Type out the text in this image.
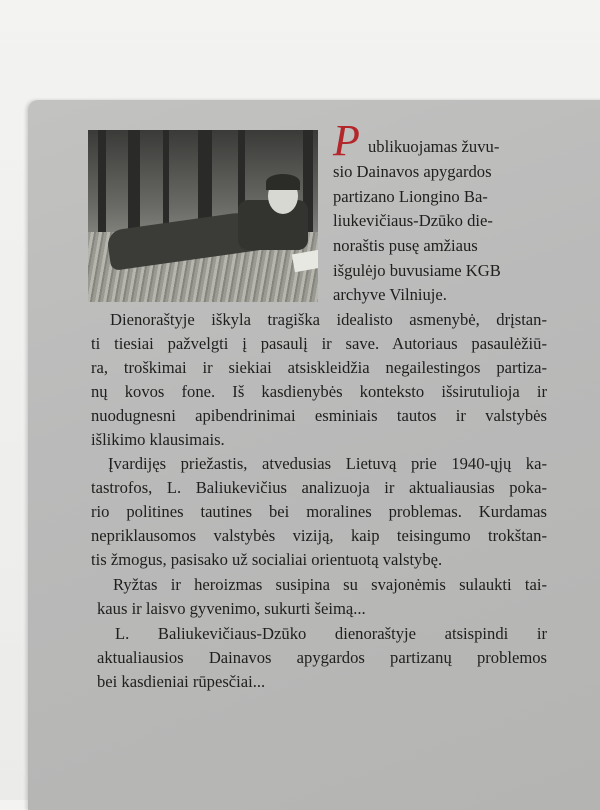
P ublikuojamas žuvu-
sio Dainavos apygardos
partizano Liongino Ba-
liukevičiaus-Dzūko die-
noraštis pusę amžiaus
išgulėjo buvusiame KGB
archyve Vilniuje.
Dienoraštyje iškyla tragiška idealisto asmenybė, drįstan-
ti tiesiai pažvelgti į pasaulį ir save. Autoriaus pasaulėžiū-
ra, troškimai ir siekiai atsiskleidžia negailestingos partiza-
nų kovos fone. Iš kasdienybės konteksto išsirutulioja ir
nuodugnesni apibendrinimai esminiais tautos ir valstybės
išlikimo klausimais.
Įvardijęs priežastis, atvedusias Lietuvą prie 1940-ųjų ka-
tastrofos, L. Baliukevičius analizuoja ir aktualiausias poka-
rio politines tautines bei moralines problemas. Kurdamas
nepriklausomos valstybės viziją, kaip teisingumo trokštan-
tis žmogus, pasisako už socialiai orientuotą valstybę.
Ryžtas ir heroizmas susipina su svajonėmis sulaukti tai-
kaus ir laisvo gyvenimo, sukurti šeimą...
L. Baliukevičiaus-Dzūko dienoraštyje atsispindi ir
aktualiausios Dainavos apygardos partizanų problemos
bei kasdieniai rūpesčiai...
